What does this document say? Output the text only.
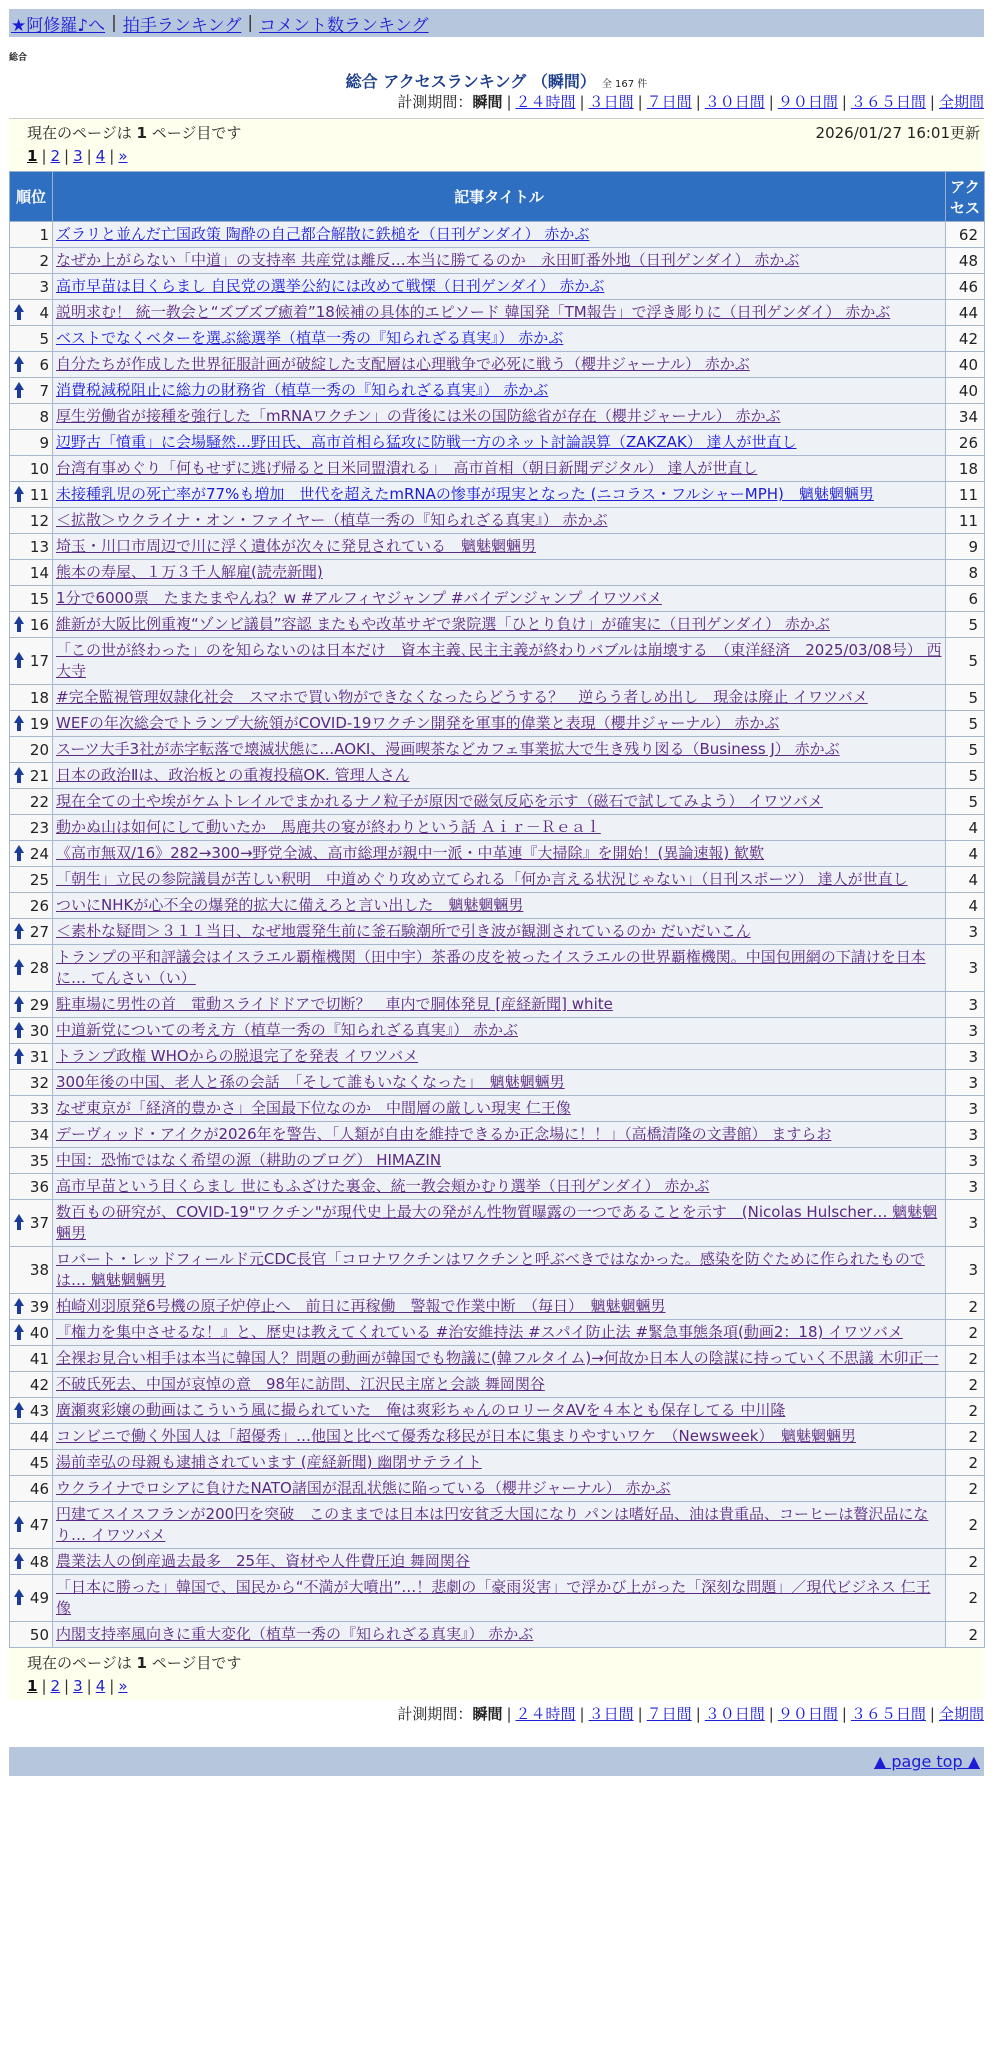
★阿修羅♪へ | 拍手ランキング | コメント数ランキング
総合
総合 アクセスランキング （瞬間） 全 167 件
計測期間：瞬間 | ２４時間 | ３日間 | ７日間 | ３０日間 | ９０日間 | ３６５日間 | 全期間
現在のページは 1 ページ目です	2026/01/27 16:01更新
1 | 2 | 3 | 4 | »
順位	記事タイトル	アクセス
1	ズラリと並んだ亡国政策 陶酔の自己都合解散に鉄槌を（日刊ゲンダイ） 赤かぶ	62
2	なぜか上がらない「中道」の支持率 共産党は離反…本当に勝てるのか　永田町番外地（日刊ゲンダイ） 赤かぶ	48
3	高市早苗は目くらまし 自民党の選挙公約には改めて戦慄（日刊ゲンダイ） 赤かぶ	46

4	説明求む！ 統一教会と“ズブズブ癒着”18候補の具体的エピソード 韓国発「TM報告」で浮き彫りに（日刊ゲンダイ） 赤かぶ	44
5	ベストでなくベターを選ぶ総選挙（植草一秀の『知られざる真実』） 赤かぶ	42

6	自分たちが作成した世界征服計画が破綻した支配層は心理戦争で必死に戦う（櫻井ジャーナル） 赤かぶ	40

7	消費税減税阻止に総力の財務省（植草一秀の『知られざる真実』） 赤かぶ	40
8	厚生労働省が接種を強行した「mRNAワクチン」の背後には米の国防総省が存在（櫻井ジャーナル） 赤かぶ	34
9	辺野古「憤重」に会場騒然…野田氏、高市首相ら猛攻に防戦一方のネット討論誤算（ZAKZAK） 達人が世直し	26
10	台湾有事めぐり「何もせずに逃げ帰ると日米同盟潰れる」　高市首相（朝日新聞デジタル） 達人が世直し	18

11	未接種乳児の死亡率が77%も増加　世代を超えたmRNAの惨事が現実となった (ニコラス・フルシャーMPH)　魑魅魍魎男	11
12	＜拡散＞ウクライナ・オン・ファイヤー（植草一秀の『知られざる真実』） 赤かぶ	11
13	埼玉・川口市周辺で川に浮く遺体が次々に発見されている　魑魅魍魎男	9
14	熊本の寿屋、１万３千人解雇(読売新聞)	8
15	1分で6000票　たまたまやんね？w #アルフィヤジャンプ #バイデンジャンプ イワツバメ	6

16	維新が大阪比例重複“ゾンビ議員”容認 またもや改革サギで衆院選「ひとり負け」が確実に（日刊ゲンダイ） 赤かぶ	5

17	「この世が終わった」のを知らないのは日本だけ　資本主義､民主主義が終わりバブルは崩壊する　（東洋経済　2025/03/08号） 西大寺	5
18	#完全監視管理奴隷化社会　スマホで買い物ができなくなったらどうする？　逆らう者しめ出し　現金は廃止 イワツバメ	5

19	WEFの年次総会でトランプ大統領がCOVID-19ワクチン開発を軍事的偉業と表現（櫻井ジャーナル） 赤かぶ	5
20	スーツ大手3社が赤字転落で壊滅状態に…AOKI、漫画喫茶などカフェ事業拡大で生き残り図る（Business J） 赤かぶ	5

21	日本の政治Ⅱは、政治板との重複投稿OK. 管理人さん	5
22	現在全ての土や埃がケムトレイルでまかれるナノ粒子が原因で磁気反応を示す（磁石で試してみよう） イワツバメ	5
23	動かぬ山は如何にして動いたか　馬鹿共の宴が終わりという話 Ａｉｒ－Ｒｅａｌ	4

24	《高市無双/16》282→300→野党全滅、高市総理が親中一派・中革連『大掃除』を開始！(異論速報) 歓歎	4
25	「朝生」立民の参院議員が苦しい釈明　中道めぐり攻め立てられる「何か言える状況じゃない」（日刊スポーツ） 達人が世直し	4
26	ついにNHKが心不全の爆発的拡大に備えろと言い出した　魑魅魍魎男	4

27	＜素朴な疑問＞３１１当日、なぜ地震発生前に釜石験潮所で引き波が観測されているのか だいだいこん	3

28	トランプの平和評議会はイスラエル覇権機関（田中宇）茶番の皮を被ったイスラエルの世界覇権機関。中国包囲網の下請けを日本に… てんさい（い）	3

29	駐車場に男性の首　電動スライドドアで切断？　車内で胴体発見 [産経新聞] white	3

30	中道新党についての考え方（植草一秀の『知られざる真実』） 赤かぶ	3

31	トランプ政権 WHOからの脱退完了を発表 イワツバメ	3
32	300年後の中国、老人と孫の会話　「そして誰もいなくなった」　魑魅魍魎男	3
33	なぜ東京が「経済的豊かさ」全国最下位なのか　中間層の厳しい現実 仁王像	3
34	デーヴィッド・アイクが2026年を警告、「人類が自由を維持できるか正念場に！！」（高橋清隆の文書館） ますらお	3
35	中国：恐怖ではなく希望の源（耕助のブログ） HIMAZIN	3
36	高市早苗という目くらまし 世にもふざけた裏金、統一教会頬かむり選挙（日刊ゲンダイ） 赤かぶ	3

37	数百もの研究が、COVID-19"ワクチン"が現代史上最大の発がん性物質曝露の一つであることを示す　(Nicolas Hulscher… 魑魅魍魎男	3
38	ロバート・レッドフィールド元CDC長官「コロナワクチンはワクチンと呼ぶべきではなかった。感染を防ぐために作られたものでは… 魑魅魍魎男	3

39	柏崎刈羽原発6号機の原子炉停止へ　前日に再稼働　警報で作業中断　（毎日）　魑魅魍魎男	2

40	『権力を集中させるな！』と、歴史は教えてくれている #治安維持法 #スパイ防止法 #緊急事態条項(動画2：18) イワツバメ	2
41	全裸お見合い相手は本当に韓国人？問題の動画が韓国でも物議に(韓フルタイム)→何故か日本人の陰謀に持っていく不思議 木卯正一	2
42	不破氏死去、中国が哀悼の意　98年に訪問、江沢民主席と会談 舞岡関谷	2

43	廣瀬爽彩嬢の動画はこういう風に撮られていた　俺は爽彩ちゃんのロリータAVを４本とも保存してる 中川隆	2
44	コンビニで働く外国人は「超優秀」…他国と比べて優秀な移民が日本に集まりやすいワケ　（Newsweek）　魑魅魍魎男	2
45	湯前幸弘の母親も逮捕されています (産経新聞) 幽閉サテライト	2
46	ウクライナでロシアに負けたNATO諸国が混乱状態に陥っている（櫻井ジャーナル） 赤かぶ	2

47	円建てスイスフランが200円を突破　このままでは日本は円安貧乏大国になり パンは嗜好品、油は貴重品、コーヒーは贅沢品になり… イワツバメ	2

48	農業法人の倒産過去最多　25年、資材や人件費圧迫 舞岡関谷	2

49	「日本に勝った」韓国で、国民から“不満が大噴出”…！悲劇の「豪雨災害」で浮かび上がった「深刻な問題」／現代ビジネス 仁王像	2
50	内閣支持率風向きに重大変化（植草一秀の『知られざる真実』） 赤かぶ	2
現在のページは 1 ページ目です
1 | 2 | 3 | 4 | »
計測期間：瞬間 | ２４時間 | ３日間 | ７日間 | ３０日間 | ９０日間 | ３６５日間 | 全期間
▲ page top ▲
